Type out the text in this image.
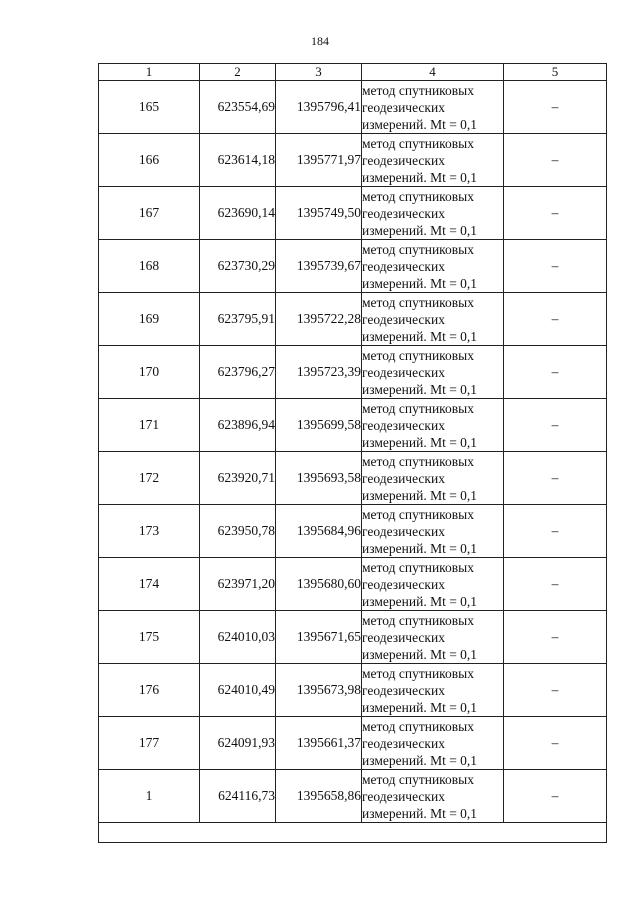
184
1	2	3	4	5
165	623554,69	1395796,41	метод спутниковых
геодезических
измерений. Mt = 0,1	–
166	623614,18	1395771,97	метод спутниковых
геодезических
измерений. Mt = 0,1	–
167	623690,14	1395749,50	метод спутниковых
геодезических
измерений. Mt = 0,1	–
168	623730,29	1395739,67	метод спутниковых
геодезических
измерений. Mt = 0,1	–
169	623795,91	1395722,28	метод спутниковых
геодезических
измерений. Mt = 0,1	–
170	623796,27	1395723,39	метод спутниковых
геодезических
измерений. Mt = 0,1	–
171	623896,94	1395699,58	метод спутниковых
геодезических
измерений. Mt = 0,1	–
172	623920,71	1395693,58	метод спутниковых
геодезических
измерений. Mt = 0,1	–
173	623950,78	1395684,96	метод спутниковых
геодезических
измерений. Mt = 0,1	–
174	623971,20	1395680,60	метод спутниковых
геодезических
измерений. Mt = 0,1	–
175	624010,03	1395671,65	метод спутниковых
геодезических
измерений. Mt = 0,1	–
176	624010,49	1395673,98	метод спутниковых
геодезических
измерений. Mt = 0,1	–
177	624091,93	1395661,37	метод спутниковых
геодезических
измерений. Mt = 0,1	–
1	624116,73	1395658,86	метод спутниковых
геодезических
измерений. Mt = 0,1	–
